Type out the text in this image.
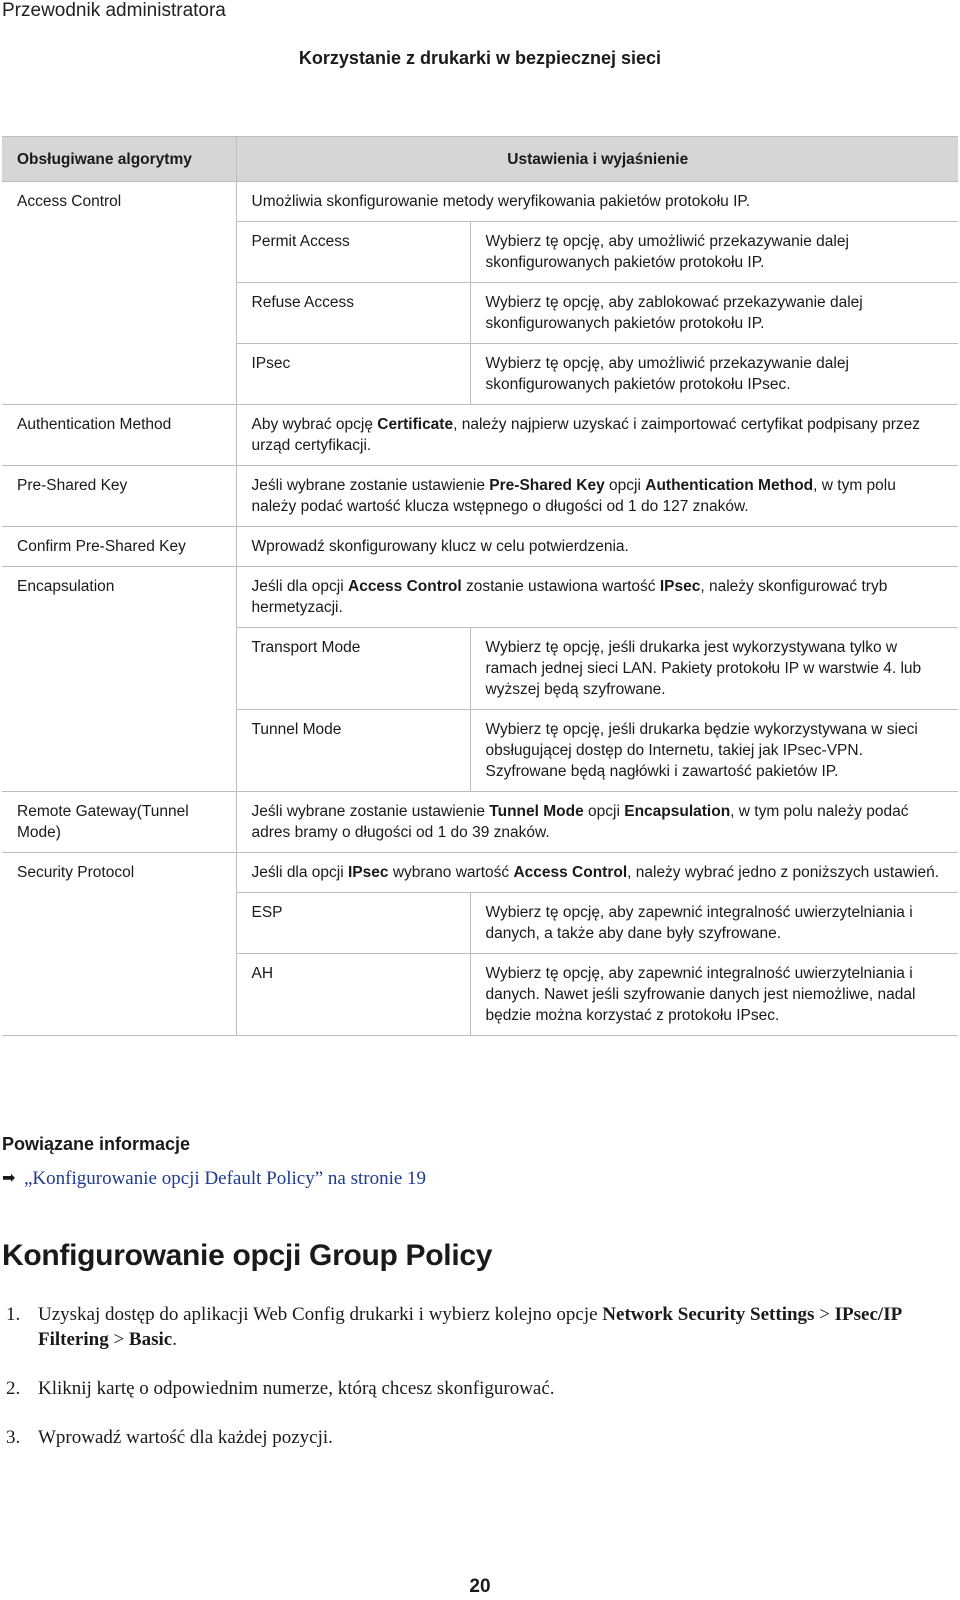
Przewodnik administratora
Korzystanie z drukarki w bezpiecznej sieci
Obsługiwane algorytmy	Ustawienia i wyjaśnienie	
Access Control	Umożliwia skonfigurowanie metody weryfikowania pakietów protokołu IP.	
	Permit Access	Wybierz tę opcję, aby umożliwić przekazywanie dalej skonfigurowanych pakietów protokołu IP.
	Refuse Access	Wybierz tę opcję, aby zablokować przekazywanie dalej skonfigurowanych pakietów protokołu IP.
	IPsec	Wybierz tę opcję, aby umożliwić przekazywanie dalej skonfigurowanych pakietów protokołu IPsec.
Authentication Method	Aby wybrać opcję Certificate, należy najpierw uzyskać i zaimportować certyfikat podpisany przez urząd certyfikacji.	
Pre-Shared Key	Jeśli wybrane zostanie ustawienie Pre-Shared Key opcji Authentication Method, w tym polu należy podać wartość klucza wstępnego o długości od 1 do 127 znaków.	
Confirm Pre-Shared Key	Wprowadź skonfigurowany klucz w celu potwierdzenia.	
Encapsulation	Jeśli dla opcji Access Control zostanie ustawiona wartość IPsec, należy skonfigurować tryb hermetyzacji.	
	Transport Mode	Wybierz tę opcję, jeśli drukarka jest wykorzystywana tylko w ramach jednej sieci LAN. Pakiety protokołu IP w warstwie 4. lub wyższej będą szyfrowane.
	Tunnel Mode	Wybierz tę opcję, jeśli drukarka będzie wykorzystywana w sieci obsługującej dostęp do Internetu, takiej jak IPsec-VPN. Szyfrowane będą nagłówki i zawartość pakietów IP.
Remote Gateway(Tunnel Mode)	Jeśli wybrane zostanie ustawienie Tunnel Mode opcji Encapsulation, w tym polu należy podać adres bramy o długości od 1 do 39 znaków.	
Security Protocol	Jeśli dla opcji IPsec wybrano wartość Access Control, należy wybrać jedno z poniższych ustawień.	
	ESP	Wybierz tę opcję, aby zapewnić integralność uwierzytelniania i danych, a także aby dane były szyfrowane.
	AH	Wybierz tę opcję, aby zapewnić integralność uwierzytelniania i danych. Nawet jeśli szyfrowanie danych jest niemożliwe, nadal będzie można korzystać z protokołu IPsec.
Powiązane informacje
➡ „Konfigurowanie opcji Default Policy” na stronie 19
Konfigurowanie opcji Group Policy
1. Uzyskaj dostęp do aplikacji Web Config drukarki i wybierz kolejno opcje Network Security Settings > IPsec/IP Filtering > Basic.
2. Kliknij kartę o odpowiednim numerze, którą chcesz skonfigurować.
3. Wprowadź wartość dla każdej pozycji.
20
